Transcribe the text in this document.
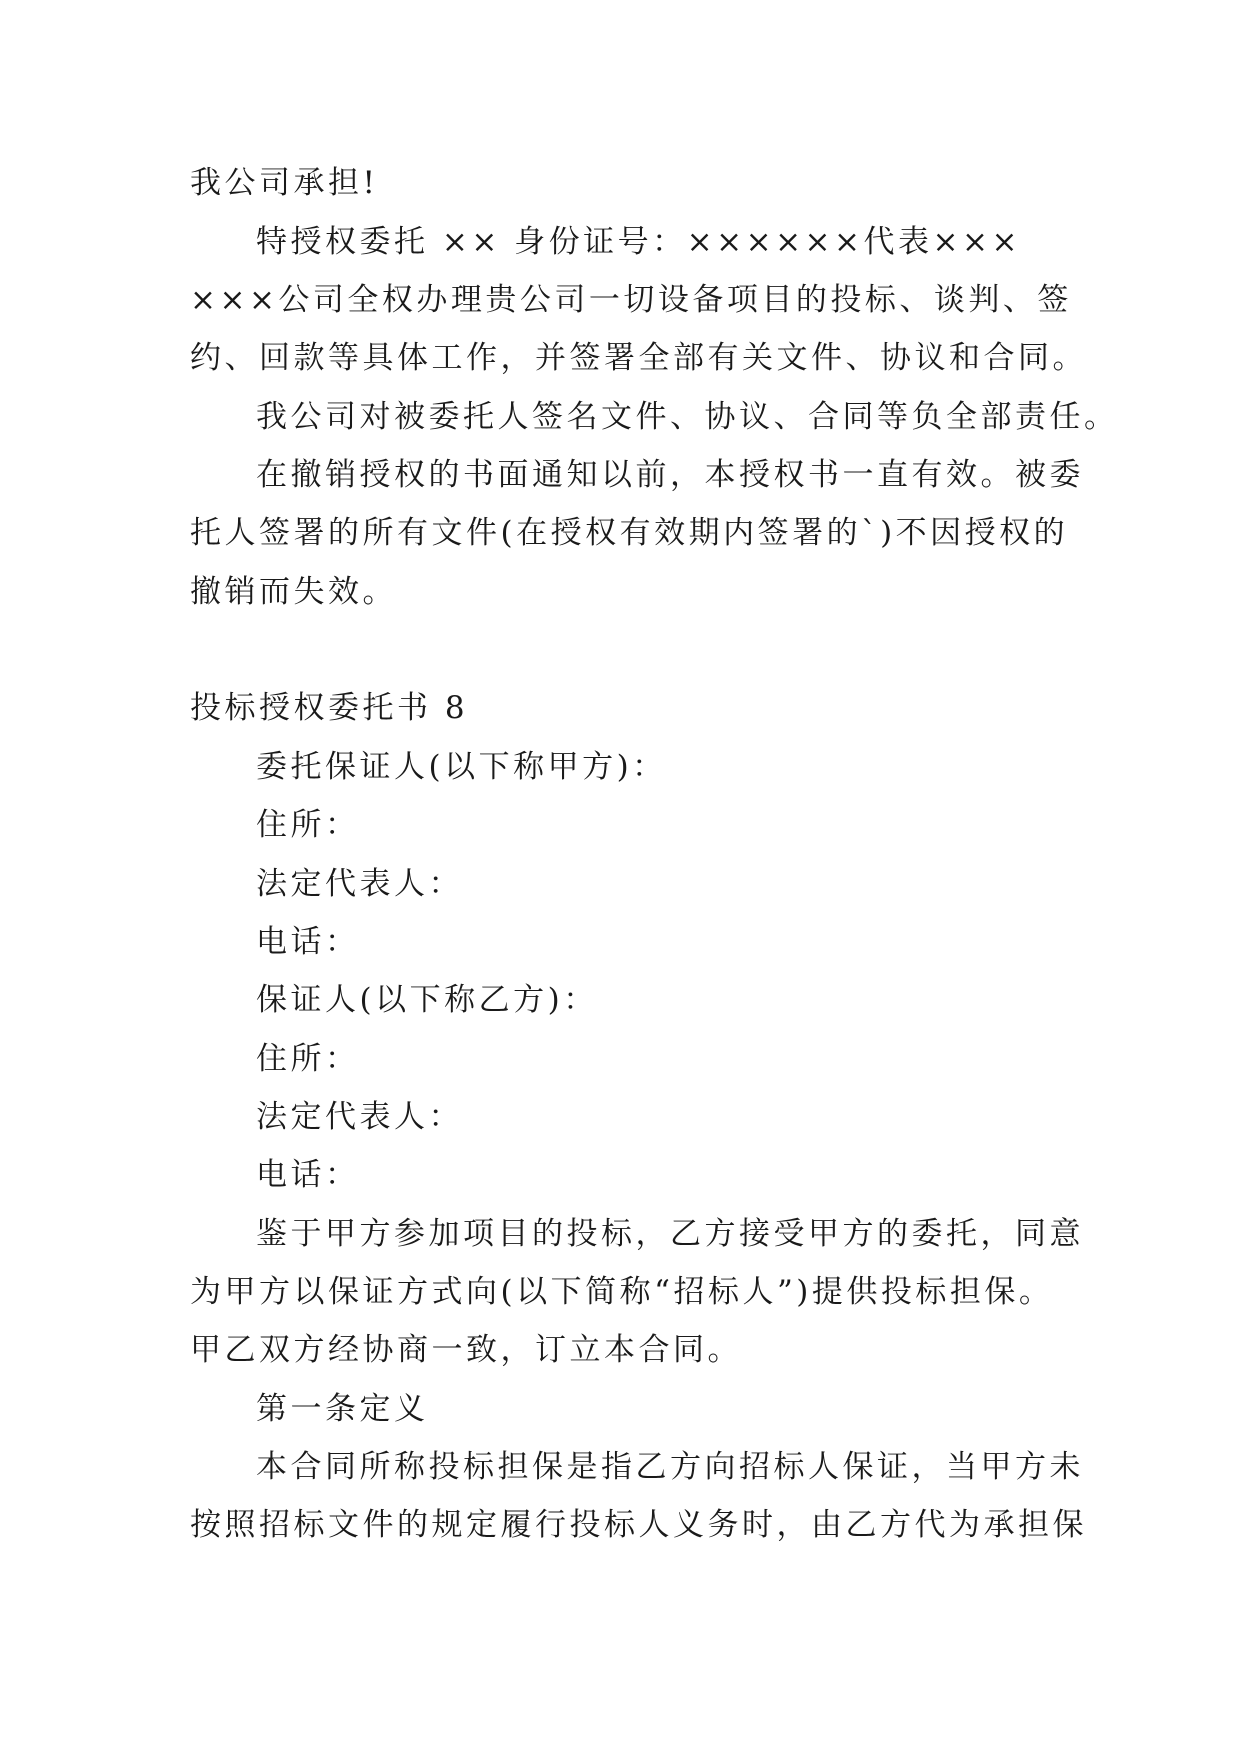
我公司承担!
特授权委托 ×× 身份证号：××××××代表×××
×××公司全权办理贵公司一切设备项目的投标、谈判、签
约、回款等具体工作，并签署全部有关文件、协议和合同。
我公司对被委托人签名文件、协议、合同等负全部责任。
在撤销授权的书面通知以前，本授权书一直有效。被委
托人签署的所有文件(在授权有效期内签署的`)不因授权的
撤销而失效。
投标授权委托书 8
委托保证人(以下称甲方)：
住所：
法定代表人：
电话：
保证人(以下称乙方)：
住所：
法定代表人：
电话：
鉴于甲方参加项目的投标，乙方接受甲方的委托，同意
为甲方以保证方式向(以下简称“招标人”)提供投标担保。
甲乙双方经协商一致，订立本合同。
第一条定义
本合同所称投标担保是指乙方向招标人保证，当甲方未
按照招标文件的规定履行投标人义务时，由乙方代为承担保
